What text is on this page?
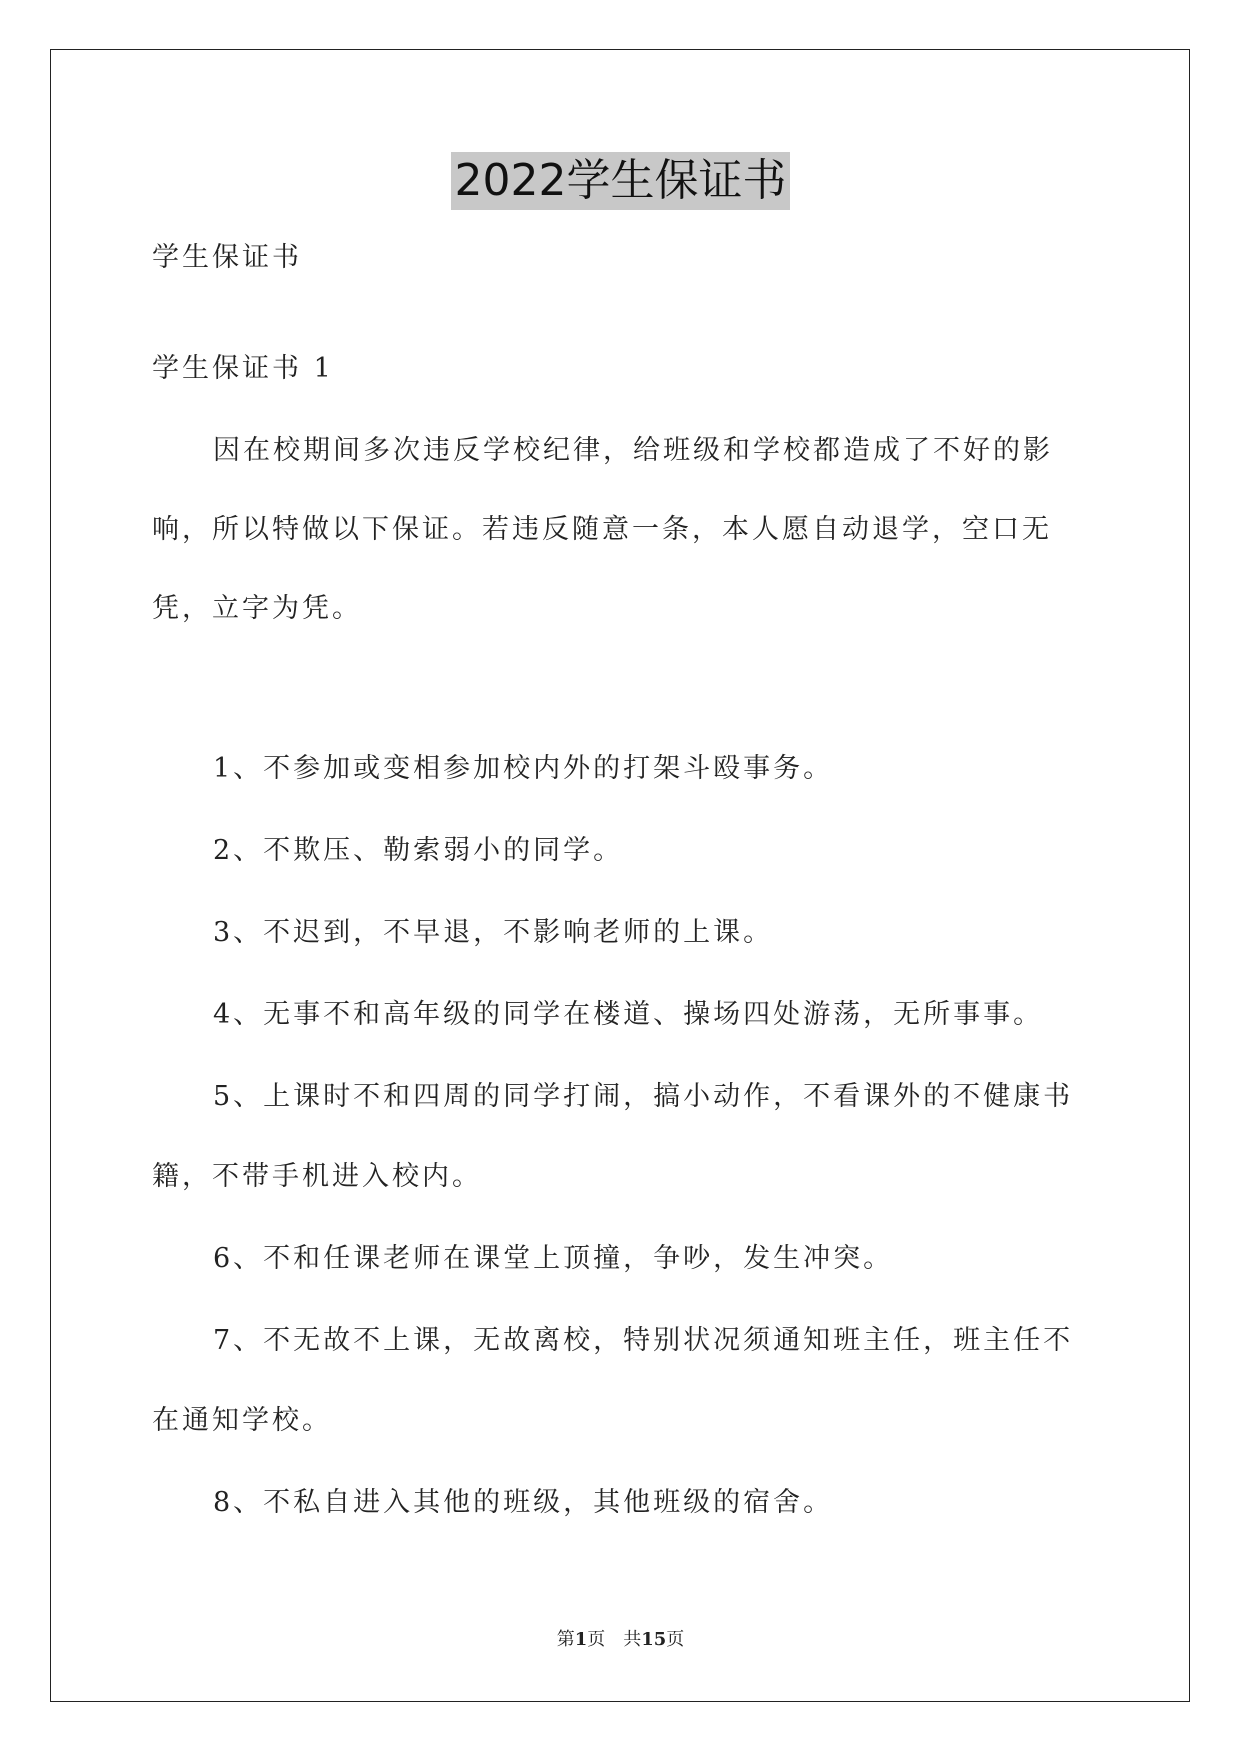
2022学生保证书
学生保证书
学生保证书 1
因在校期间多次违反学校纪律，给班级和学校都造成了不好的影
响，所以特做以下保证。若违反随意一条，本人愿自动退学，空口无
凭，立字为凭。
1、不参加或变相参加校内外的打架斗殴事务。
2、不欺压、勒索弱小的同学。
3、不迟到，不早退，不影响老师的上课。
4、无事不和高年级的同学在楼道、操场四处游荡，无所事事。
5、上课时不和四周的同学打闹，搞小动作，不看课外的不健康书
籍，不带手机进入校内。
6、不和任课老师在课堂上顶撞，争吵，发生冲突。
7、不无故不上课，无故离校，特别状况须通知班主任，班主任不
在通知学校。
8、不私自进入其他的班级，其他班级的宿舍。
第1页　共15页
